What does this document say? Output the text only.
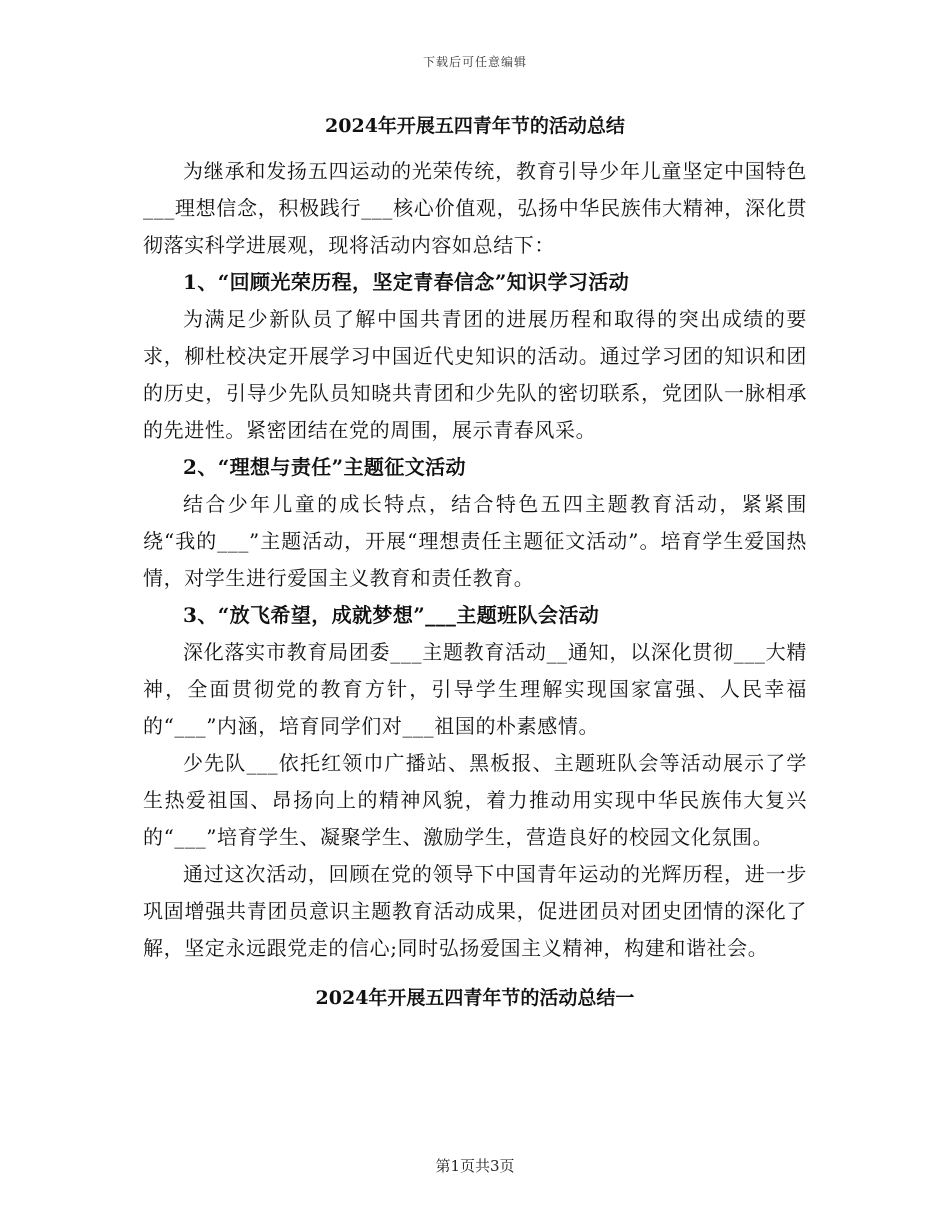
下载后可任意编辑
2024年开展五四青年节的活动总结

为继承和发扬五四运动的光荣传统，教育引导少年儿童坚定中国特色___理想信念，积极践行___核心价值观，弘扬中华民族伟大精神，深化贯彻落实科学进展观，现将活动内容如总结下：

1、“回顾光荣历程，坚定青春信念”知识学习活动

为满足少新队员了解中国共青团的进展历程和取得的突出成绩的要求，柳杜校决定开展学习中国近代史知识的活动。通过学习团的知识和团的历史，引导少先队员知晓共青团和少先队的密切联系，党团队一脉相承的先进性。紧密团结在党的周围，展示青春风采。

2、“理想与责任”主题征文活动

结合少年儿童的成长特点，结合特色五四主题教育活动，紧紧围绕“我的___”主题活动，开展“理想责任主题征文活动”。培育学生爱国热情，对学生进行爱国主义教育和责任教育。

3、“放飞希望，成就梦想”___主题班队会活动

深化落实市教育局团委___主题教育活动__通知，以深化贯彻___大精神，全面贯彻党的教育方针，引导学生理解实现国家富强、人民幸福的“___”内涵，培育同学们对___祖国的朴素感情。

少先队___依托红领巾广播站、黑板报、主题班队会等活动展示了学生热爱祖国、昂扬向上的精神风貌，着力推动用实现中华民族伟大复兴的“___”培育学生、凝聚学生、激励学生，营造良好的校园文化氛围。

通过这次活动，回顾在党的领导下中国青年运动的光辉历程，进一步巩固增强共青团员意识主题教育活动成果，促进团员对团史团情的深化了解，坚定永远跟党走的信心;同时弘扬爱国主义精神，构建和谐社会。

2024年开展五四青年节的活动总结一
第1页共3页
